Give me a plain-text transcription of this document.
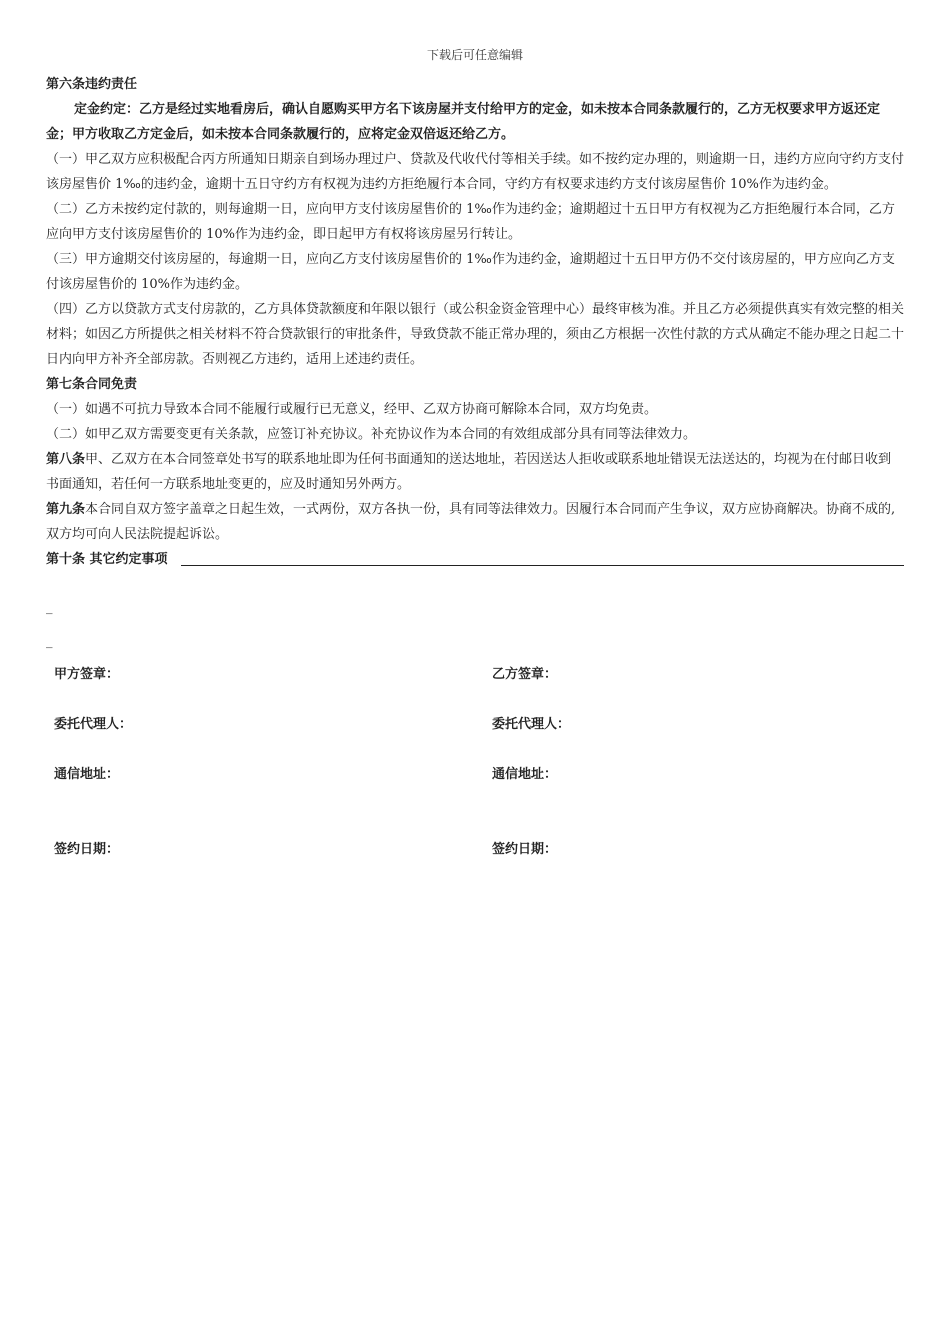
下载后可任意编辑
第六条违约责任

定金约定：乙方是经过实地看房后，确认自愿购买甲方名下该房屋并支付给甲方的定金，如未按本合同条款履行的，乙方无权要求甲方返还定金；甲方收取乙方定金后，如未按本合同条款履行的，应将定金双倍返还给乙方。

（一）甲乙双方应积极配合丙方所通知日期亲自到场办理过户、贷款及代收代付等相关手续。如不按约定办理的，则逾期一日，违约方应向守约方支付该房屋售价 1‰的违约金，逾期十五日守约方有权视为违约方拒绝履行本合同，守约方有权要求违约方支付该房屋售价 10%作为违约金。

（二）乙方未按约定付款的，则每逾期一日，应向甲方支付该房屋售价的 1‰作为违约金；逾期超过十五日甲方有权视为乙方拒绝履行本合同，乙方应向甲方支付该房屋售价的 10%作为违约金，即日起甲方有权将该房屋另行转让。

（三）甲方逾期交付该房屋的，每逾期一日，应向乙方支付该房屋售价的 1‰作为违约金，逾期超过十五日甲方仍不交付该房屋的，甲方应向乙方支付该房屋售价的 10%作为违约金。

（四）乙方以贷款方式支付房款的，乙方具体贷款额度和年限以银行（或公积金资金管理中心）最终审核为准。并且乙方必须提供真实有效完整的相关材料；如因乙方所提供之相关材料不符合贷款银行的审批条件，导致贷款不能正常办理的，须由乙方根据一次性付款的方式从确定不能办理之日起二十日内向甲方补齐全部房款。否则视乙方违约，适用上述违约责任。

第七条合同免责

（一）如遇不可抗力导致本合同不能履行或履行已无意义，经甲、乙双方协商可解除本合同，双方均免责。

（二）如甲乙双方需要变更有关条款，应签订补充协议。补充协议作为本合同的有效组成部分具有同等法律效力。

第八条甲、乙双方在本合同签章处书写的联系地址即为任何书面通知的送达地址，若因送达人拒收或联系地址错误无法送达的，均视为在付邮日收到书面通知，若任何一方联系地址变更的，应及时通知另外两方。

第九条本合同自双方签字盖章之日起生效，一式两份，双方各执一份，具有同等法律效力。因履行本合同而产生争议，双方应协商解决。协商不成的, 双方均可向人民法院提起诉讼。

第十条 其它约定事项
_
_
甲方签章：	乙方签章：
委托代理人：	委托代理人：
通信地址：	通信地址：
签约日期：	签约日期：
